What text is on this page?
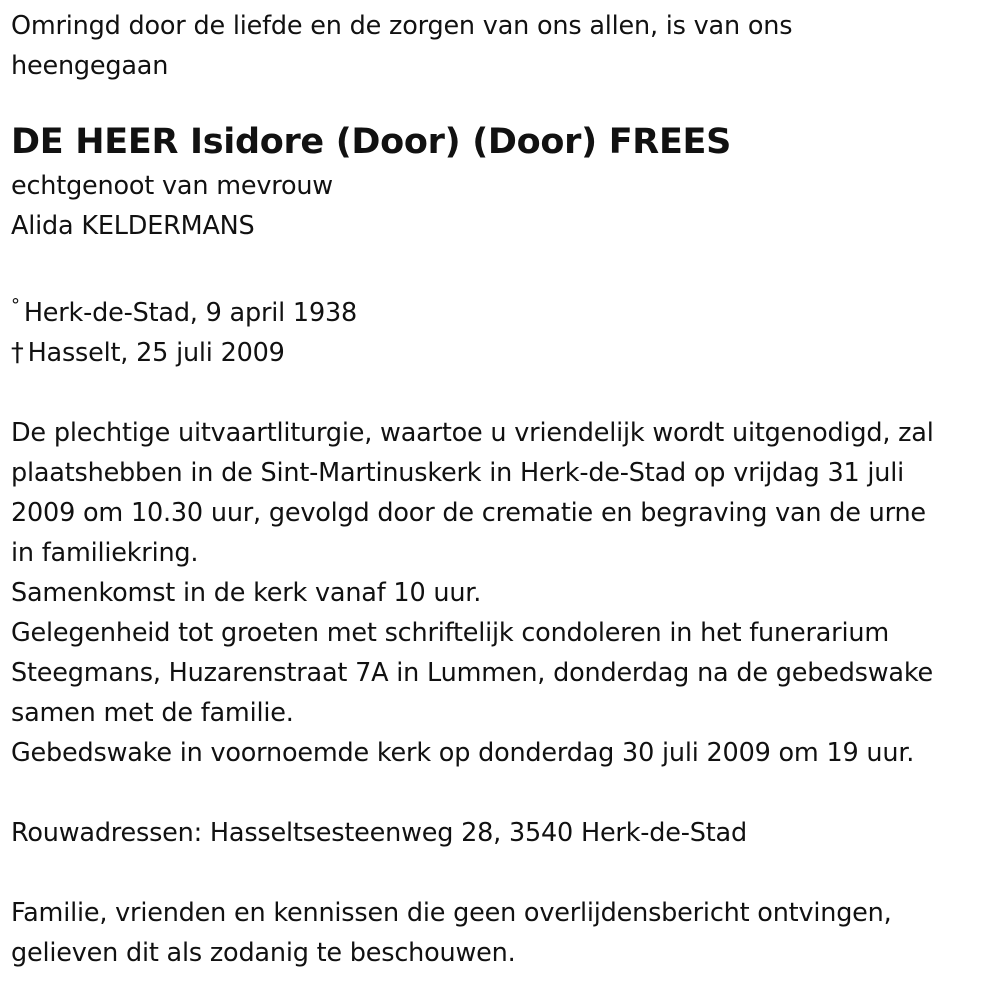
Omringd door de liefde en de zorgen van ons allen, is van ons
heengegaan
DE HEER Isidore (Door) (Door) FREES
echtgenoot van mevrouw
Alida KELDERMANS
° Herk-de-Stad, 9 april 1938
† Hasselt, 25 juli 2009
De plechtige uitvaartliturgie, waartoe u vriendelijk wordt uitgenodigd, zal
plaatshebben in de Sint-Martinuskerk in Herk-de-Stad op vrijdag 31 juli
2009 om 10.30 uur, gevolgd door de crematie en begraving van de urne
in familiekring.
Samenkomst in de kerk vanaf 10 uur.
Gelegenheid tot groeten met schriftelijk condoleren in het funerarium
Steegmans, Huzarenstraat 7A in Lummen, donderdag na de gebedswake
samen met de familie.
Gebedswake in voornoemde kerk op donderdag 30 juli 2009 om 19 uur.
Rouwadressen: Hasseltsesteenweg 28, 3540 Herk-de-Stad
Familie, vrienden en kennissen die geen overlijdensbericht ontvingen,
gelieven dit als zodanig te beschouwen.
